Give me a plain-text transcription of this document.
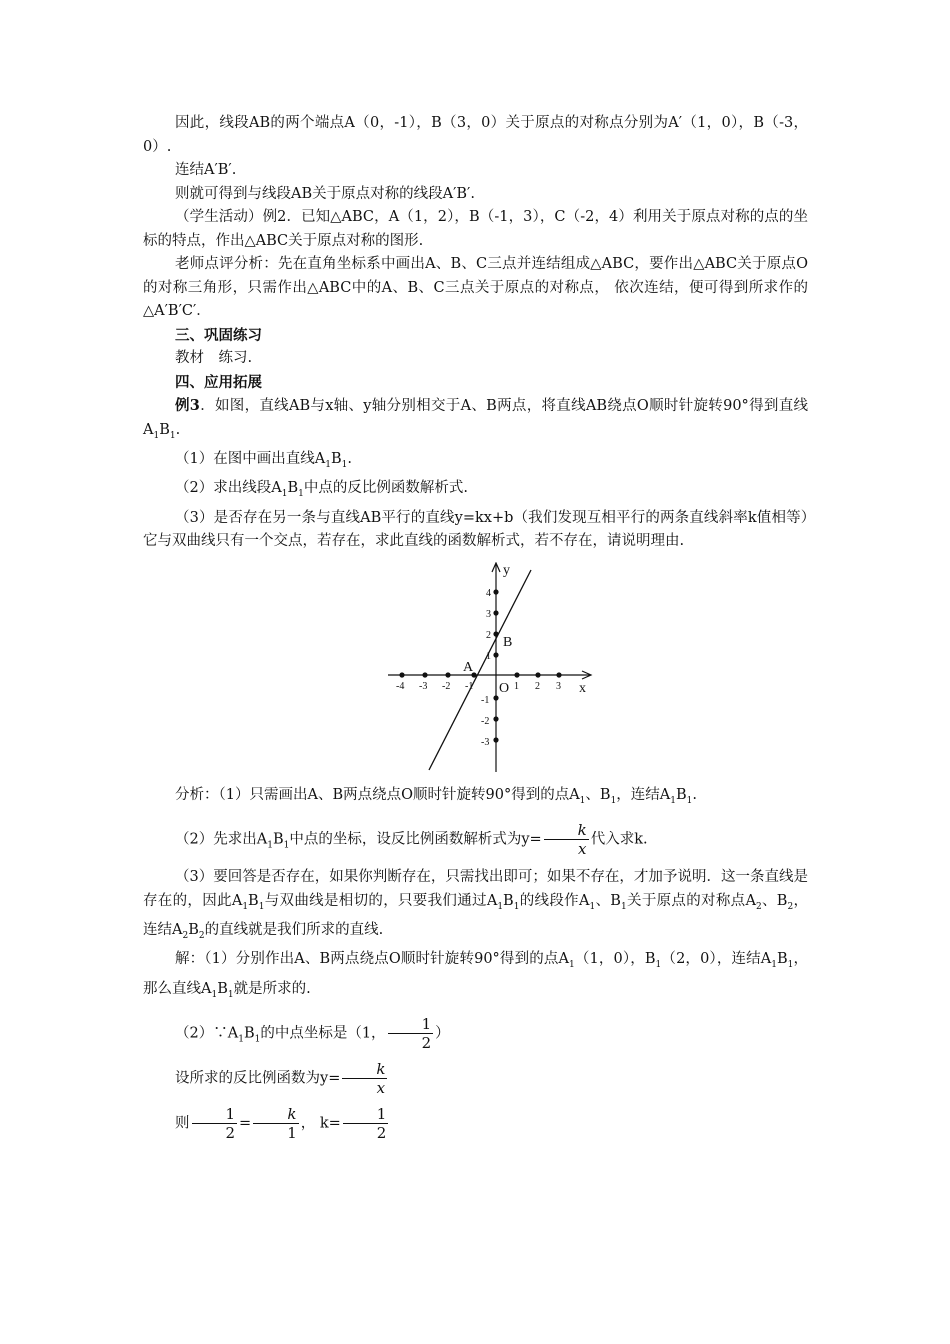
因此，线段AB的两个端点A（0，-1），B（3，0）关于原点的对称点分别为A′（1，0），B（-3，0）.

连结A′B′.

则就可得到与线段AB关于原点对称的线段A′B′.

（学生活动）例2．已知△ABC，A（1，2），B（-1，3），C（-2，4）利用关于原点对称的点的坐标的特点，作出△ABC关于原点对称的图形.

老师点评分析：先在直角坐标系中画出A、B、C三点并连结组成△ABC，要作出△ABC关于原点O的对称三角形，只需作出△ABC中的A、B、C三点关于原点的对称点， 依次连结，便可得到所求作的△A′B′C′．

三、巩固练习

教材　练习.

四、应用拓展

例3．如图，直线AB与x轴、y轴分别相交于A、B两点，将直线AB绕点O顺时针旋转90°得到直线$A_1B_1$.

（1）在图中画出直线$A_1B_1$.

（2）求出线段$A_1B_1$中点的反比例函数解析式.

（3）是否存在另一条与直线AB平行的直线y=kx+b（我们发现互相平行的两条直线斜率k值相等）它与双曲线只有一个交点，若存在，求此直线的函数解析式，若不存在，请说明理由.

-4 -3 -2 -1	1 2 3
4
3
2
1
-1
-2
-3
y
x
O
A
B

分析：（1）只需画出A、B两点绕点O顺时针旋转90°得到的点$A_1$、$B_1$，连结$A_1B_1$.

（2）先求出$A_1B_1$中点的坐标，设反比例函数解析式为$y= \frac{k}{x}$ 代入求k.

（3）要回答是否存在，如果你判断存在，只需找出即可；如果不存在，才加予说明．这一条直线是存在的，因此$A_1B_1$与双曲线是相切的，只要我们通过$A_1B_1$的线段作$A_1$、$B_1$关于原点的对称点$A_2$、$B_2$，连结$A_2B_2$的直线就是我们所求的直线.

解：（1）分别作出A、B两点绕点O顺时针旋转90°得到的点$A_1(1$，0），$B_1(2$，0），连结$A_1B_1$，那么直线$A_1B_1$就是所求的.

$(2)\because A_1B_1$的中点坐标是（1， $\frac{1}{2}$ ）

设所求的反比例函数为$y= \frac{k}{x}$

则 $\frac{1}{2} = \frac{k}{1}$ ， $k= \frac{1}{2}$
